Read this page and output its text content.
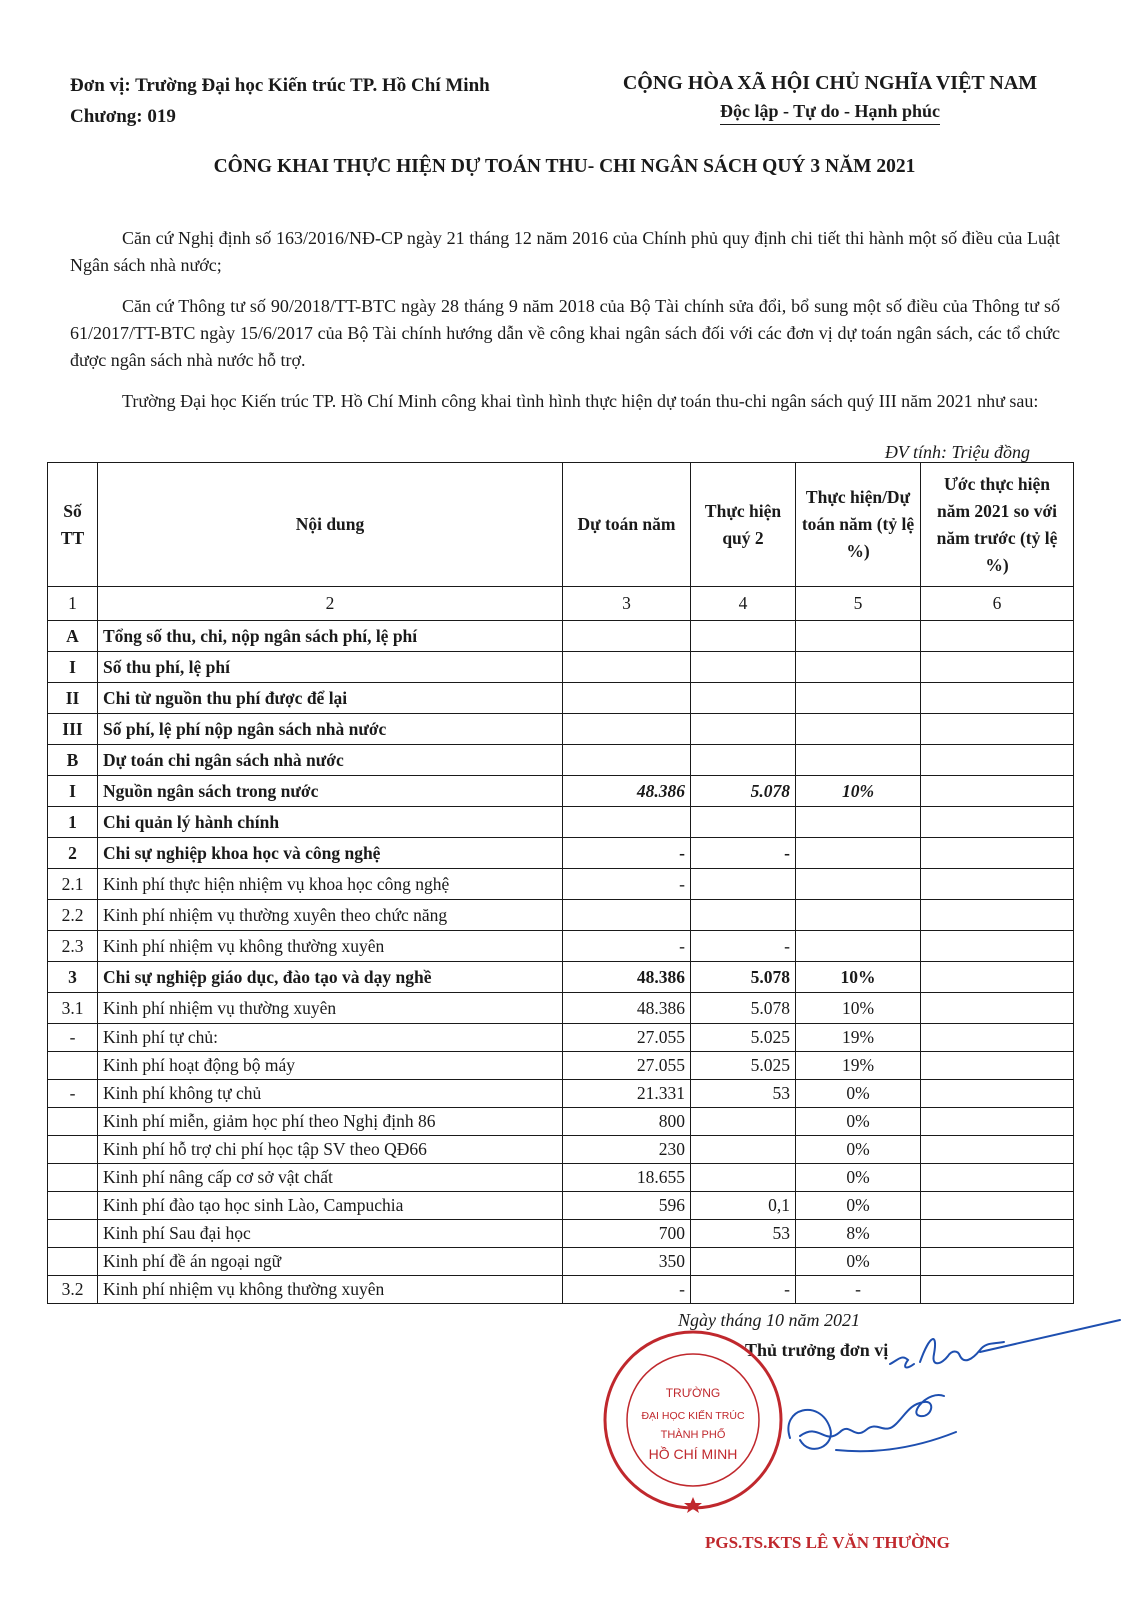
Đơn vị: Trường Đại học Kiến trúc TP. Hồ Chí Minh
Chương: 019
CỘNG HÒA XÃ HỘI CHỦ NGHĨA VIỆT NAM
Độc lập - Tự do - Hạnh phúc
CÔNG KHAI THỰC HIỆN DỰ TOÁN THU- CHI NGÂN SÁCH QUÝ 3 NĂM 2021

Căn cứ Nghị định số 163/2016/NĐ-CP ngày 21 tháng 12 năm 2016 của Chính phủ quy định chi tiết thi hành một số điều của Luật Ngân sách nhà nước;

Căn cứ Thông tư số 90/2018/TT-BTC ngày 28 tháng 9 năm 2018 của Bộ Tài chính sửa đổi, bổ sung một số điều của Thông tư số 61/2017/TT-BTC ngày 15/6/2017 của Bộ Tài chính hướng dẫn về công khai ngân sách đối với các đơn vị dự toán ngân sách, các tổ chức được ngân sách nhà nước hỗ trợ.

Trường Đại học Kiến trúc TP. Hồ Chí Minh công khai tình hình thực hiện dự toán thu-chi ngân sách quý III năm 2021 như sau:

ĐV tính: Triệu đồng
Số TT	Nội dung	Dự toán năm	Thực hiện quý 2	Thực hiện/Dự toán năm (tỷ lệ %)	Ước thực hiện năm 2021 so với năm trước (tỷ lệ %)
1	2	3	4	5	6
A	Tổng số thu, chi, nộp ngân sách phí, lệ phí				
I	Số thu phí, lệ phí				
II	Chi từ nguồn thu phí được để lại				
III	Số phí, lệ phí nộp ngân sách nhà nước				
B	Dự toán chi ngân sách nhà nước				
I	Nguồn ngân sách trong nước	48.386	5.078	10%	
1	Chi quản lý hành chính				
2	Chi sự nghiệp khoa học và công nghệ	-	-		
2.1	Kinh phí thực hiện nhiệm vụ khoa học công nghệ	-			
2.2	Kinh phí nhiệm vụ thường xuyên theo chức năng				
2.3	Kinh phí nhiệm vụ không thường xuyên	-	-		
3	Chi sự nghiệp giáo dục, đào tạo và dạy nghề	48.386	5.078	10%	
3.1	Kinh phí nhiệm vụ thường xuyên	48.386	5.078	10%	
-	Kinh phí tự chủ:	27.055	5.025	19%	
	Kinh phí hoạt động bộ máy	27.055	5.025	19%	
-	Kinh phí không tự chủ	21.331	53	0%	
	Kinh phí miễn, giảm học phí theo Nghị định 86	800		0%	
	Kinh phí hỗ trợ chi phí học tập SV theo QĐ66	230		0%	
	Kinh phí nâng cấp cơ sở vật chất	18.655		0%	
	Kinh phí đào tạo học sinh Lào, Campuchia	596	0,1	0%	
	Kinh phí Sau đại học	700	53	8%	
	Kinh phí đề án ngoại ngữ	350		0%	
3.2	Kinh phí nhiệm vụ không thường xuyên	-	-	-	
Ngày tháng 10 năm 2021
Thủ trưởng đơn vị
TRƯỜNG
ĐẠI HỌC KIẾN TRÚC
THÀNH PHỐ
HỒ CHÍ MINH
PGS.TS.KTS LÊ VĂN THƯỜNG
